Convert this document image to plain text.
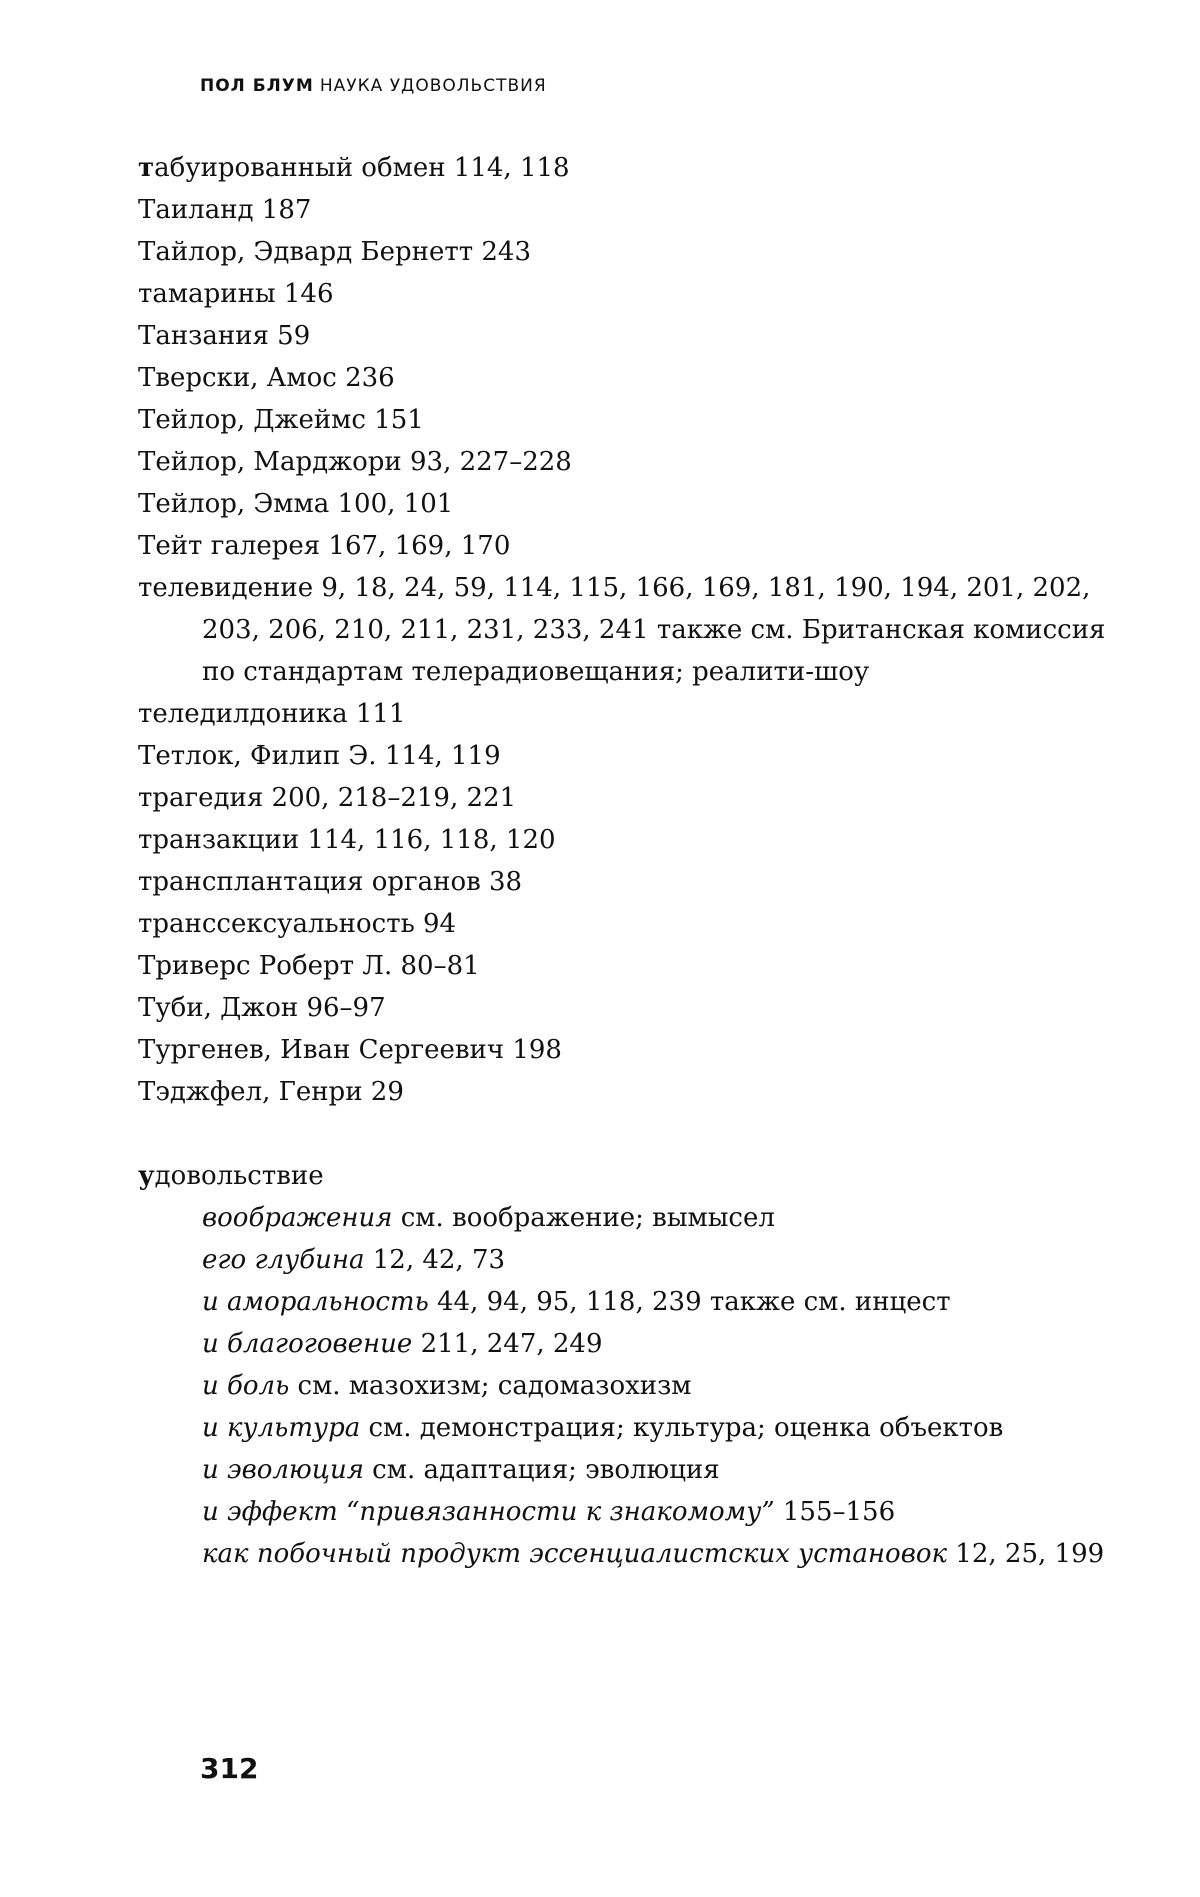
ПОЛ БЛУМ НАУКА УДОВОЛЬСТВИЯ
табуированный обмен 114, 118
Таиланд 187
Тайлор, Эдвард Бернетт 243
тамарины 146
Танзания 59
Тверски, Амос 236
Тейлор, Джеймс 151
Тейлор, Марджори 93, 227–228
Тейлор, Эмма 100, 101
Тейт галерея 167, 169, 170
телевидение 9, 18, 24, 59, 114, 115, 166, 169, 181, 190, 194, 201, 202,
203, 206, 210, 211, 231, 233, 241 также см. Британская комиссия
по стандартам телерадиовещания; реалити-шоу
теледилдоника 111
Тетлок, Филип Э. 114, 119
трагедия 200, 218–219, 221
транзакции 114, 116, 118, 120
трансплантация органов 38
транссексуальность 94
Триверс Роберт Л. 80–81
Туби, Джон 96–97
Тургенев, Иван Сергеевич 198
Тэджфел, Генри 29
удовольствие
воображения см. воображение; вымысел
его глубина 12, 42, 73
и аморальность 44, 94, 95, 118, 239 также см. инцест
и благоговение 211, 247, 249
и боль см. мазохизм; садомазохизм
и культура см. демонстрация; культура; оценка объектов
и эволюция см. адаптация; эволюция
и эффект “привязанности к знакомому” 155–156
как побочный продукт эссенциалистских установок 12, 25, 199
312
